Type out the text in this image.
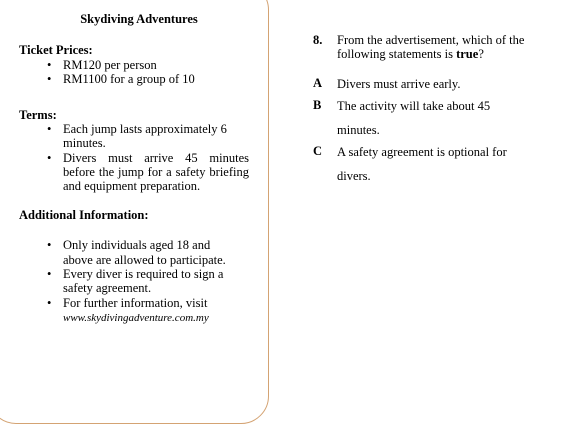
Skydiving Adventures
Ticket Prices:
• RM120 per person
• RM1100 for a group of 10
Terms:
• Each jump lasts approximately 6 minutes.
• Divers must arrive 45 minutes before the jump for a safety briefing and equipment preparation.
Additional Information:
• Only individuals aged 18 and above are allowed to participate.
• Every diver is required to sign a safety agreement.
• For further information, visit
www.skydivingadventure.com.my
8.	From the advertisement, which of the following statements is true?
A	Divers must arrive early.
B	The activity will take about 45 minutes.
C	A safety agreement is optional for divers.
